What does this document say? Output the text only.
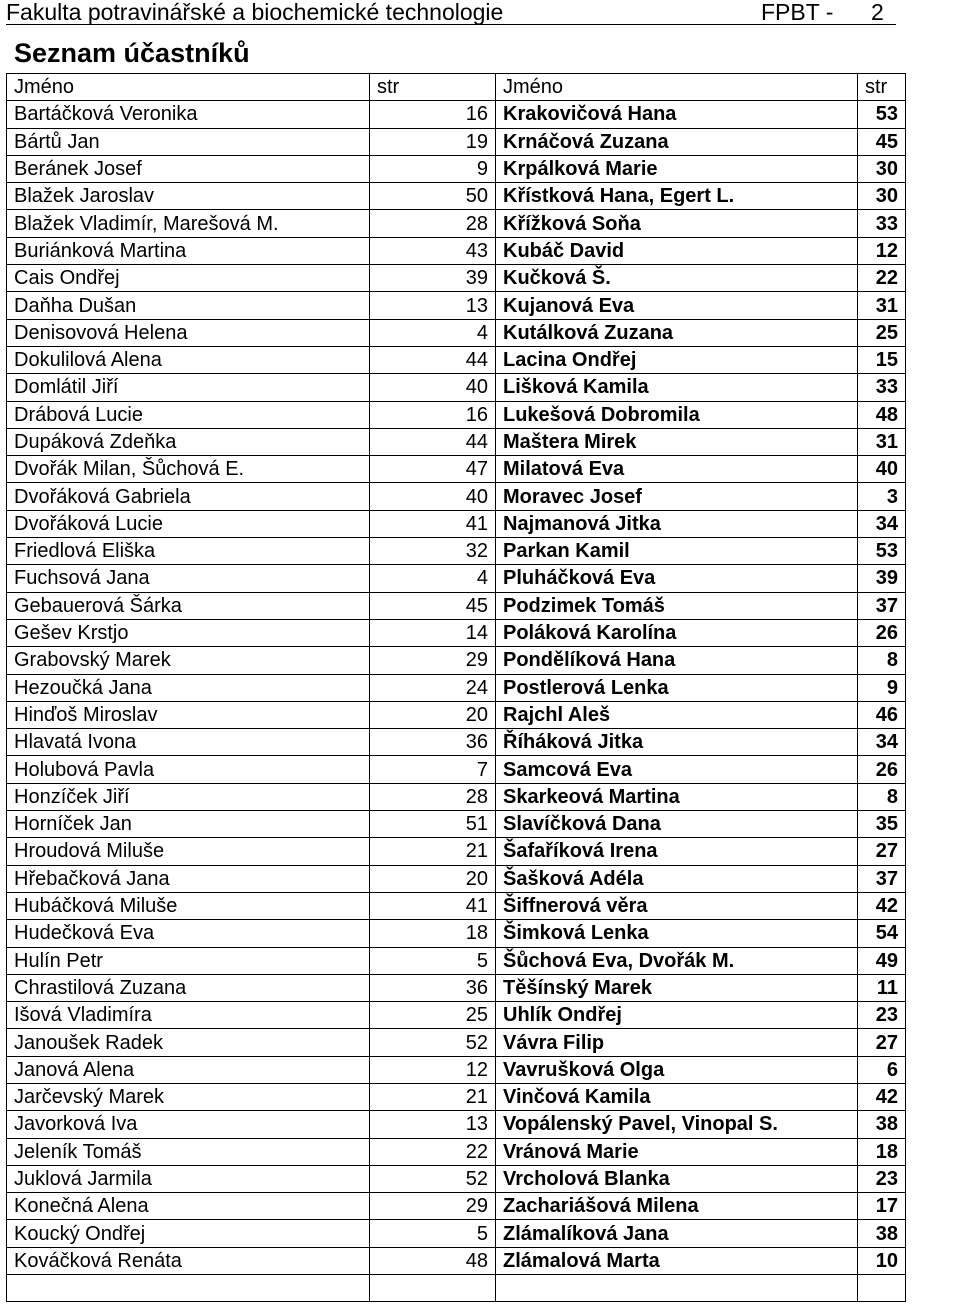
Fakulta potravinářské a biochemické technologie	FPBT - 2
Seznam účastníků
Jméno	str	Jméno	str
Bartáčková Veronika	16	Krakovičová Hana	53
Bártů Jan	19	Krnáčová Zuzana	45
Beránek Josef	9	Krpálková Marie	30
Blažek Jaroslav	50	Křístková Hana, Egert L.	30
Blažek Vladimír, Marešová M.	28	Křížková Soňa	33
Buriánková Martina	43	Kubáč David	12
Cais Ondřej	39	Kučková Š.	22
Daňha Dušan	13	Kujanová Eva	31
Denisovová Helena	4	Kutálková Zuzana	25
Dokulilová Alena	44	Lacina Ondřej	15
Domlátil Jiří	40	Lišková Kamila	33
Drábová Lucie	16	Lukešová Dobromila	48
Dupáková Zdeňka	44	Maštera Mirek	31
Dvořák Milan, Šůchová E.	47	Milatová Eva	40
Dvořáková Gabriela	40	Moravec Josef	3
Dvořáková Lucie	41	Najmanová Jitka	34
Friedlová Eliška	32	Parkan Kamil	53
Fuchsová Jana	4	Pluháčková Eva	39
Gebauerová Šárka	45	Podzimek Tomáš	37
Gešev Krstjo	14	Poláková Karolína	26
Grabovský Marek	29	Pondělíková Hana	8
Hezoučká Jana	24	Postlerová Lenka	9
Hinďoš Miroslav	20	Rajchl Aleš	46
Hlavatá Ivona	36	Říháková Jitka	34
Holubová Pavla	7	Samcová Eva	26
Honzíček Jiří	28	Skarkeová Martina	8
Horníček Jan	51	Slavíčková Dana	35
Hroudová Miluše	21	Šafaříková Irena	27
Hřebačková Jana	20	Šašková Adéla	37
Hubáčková Miluše	41	Šiffnerová věra	42
Hudečková Eva	18	Šimková Lenka	54
Hulín Petr	5	Šůchová Eva, Dvořák M.	49
Chrastilová Zuzana	36	Těšínský Marek	11
Išová Vladimíra	25	Uhlík Ondřej	23
Janoušek Radek	52	Vávra Filip	27
Janová Alena	12	Vavrušková Olga	6
Jarčevský Marek	21	Vinčová Kamila	42
Javorková Iva	13	Vopálenský Pavel, Vinopal S.	38
Jeleník Tomáš	22	Vránová Marie	18
Juklová Jarmila	52	Vrcholová Blanka	23
Konečná Alena	29	Zachariášová Milena	17
Koucký Ondřej	5	Zlámalíková Jana	38
Kováčková Renáta	48	Zlámalová Marta	10
